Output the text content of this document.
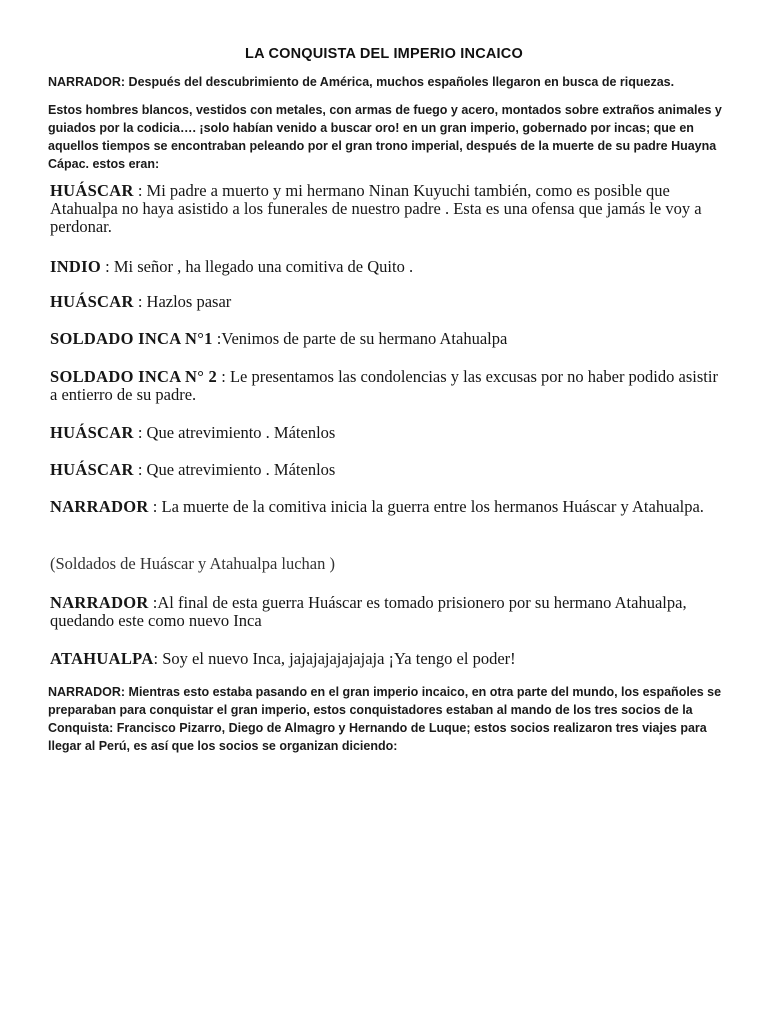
LA CONQUISTA DEL IMPERIO INCAICO

NARRADOR: Después del descubrimiento de América, muchos españoles llegaron en busca de riquezas.

Estos hombres blancos, vestidos con metales, con armas de fuego y acero, montados sobre extraños animales y guiados por la codicia…. ¡solo habían venido a buscar oro! en un gran imperio, gobernado por incas; que en aquellos tiempos se encontraban peleando por el gran trono imperial, después de la muerte de su padre Huayna Cápac. estos eran:

HUÁSCAR : Mi padre a muerto y mi hermano Ninan Kuyuchi también, como es posible que Atahualpa no haya asistido a los funerales de nuestro padre . Esta es una ofensa que jamás le voy a perdonar.

INDIO : Mi señor , ha llegado una comitiva de Quito .

HUÁSCAR : Hazlos pasar

SOLDADO INCA N°1 :Venimos de parte de su hermano Atahualpa

SOLDADO INCA N° 2 : Le presentamos las condolencias y las excusas por no haber podido asistir a entierro de su padre.

HUÁSCAR : Que atrevimiento . Mátenlos

HUÁSCAR : Que atrevimiento . Mátenlos

NARRADOR : La muerte de la comitiva inicia la guerra entre los hermanos Huáscar y Atahualpa.

(Soldados de Huáscar y Atahualpa luchan )

NARRADOR :Al final de esta guerra Huáscar es tomado prisionero por su hermano Atahualpa, quedando este como nuevo Inca

ATAHUALPA: Soy el nuevo Inca, jajajajajajajaja ¡Ya tengo el poder!

NARRADOR: Mientras esto estaba pasando en el gran imperio incaico, en otra parte del mundo, los españoles se preparaban para conquistar el gran imperio, estos conquistadores estaban al mando de los tres socios de la Conquista: Francisco Pizarro, Diego de Almagro y Hernando de Luque; estos socios realizaron tres viajes para llegar al Perú, es así que los socios se organizan diciendo:
